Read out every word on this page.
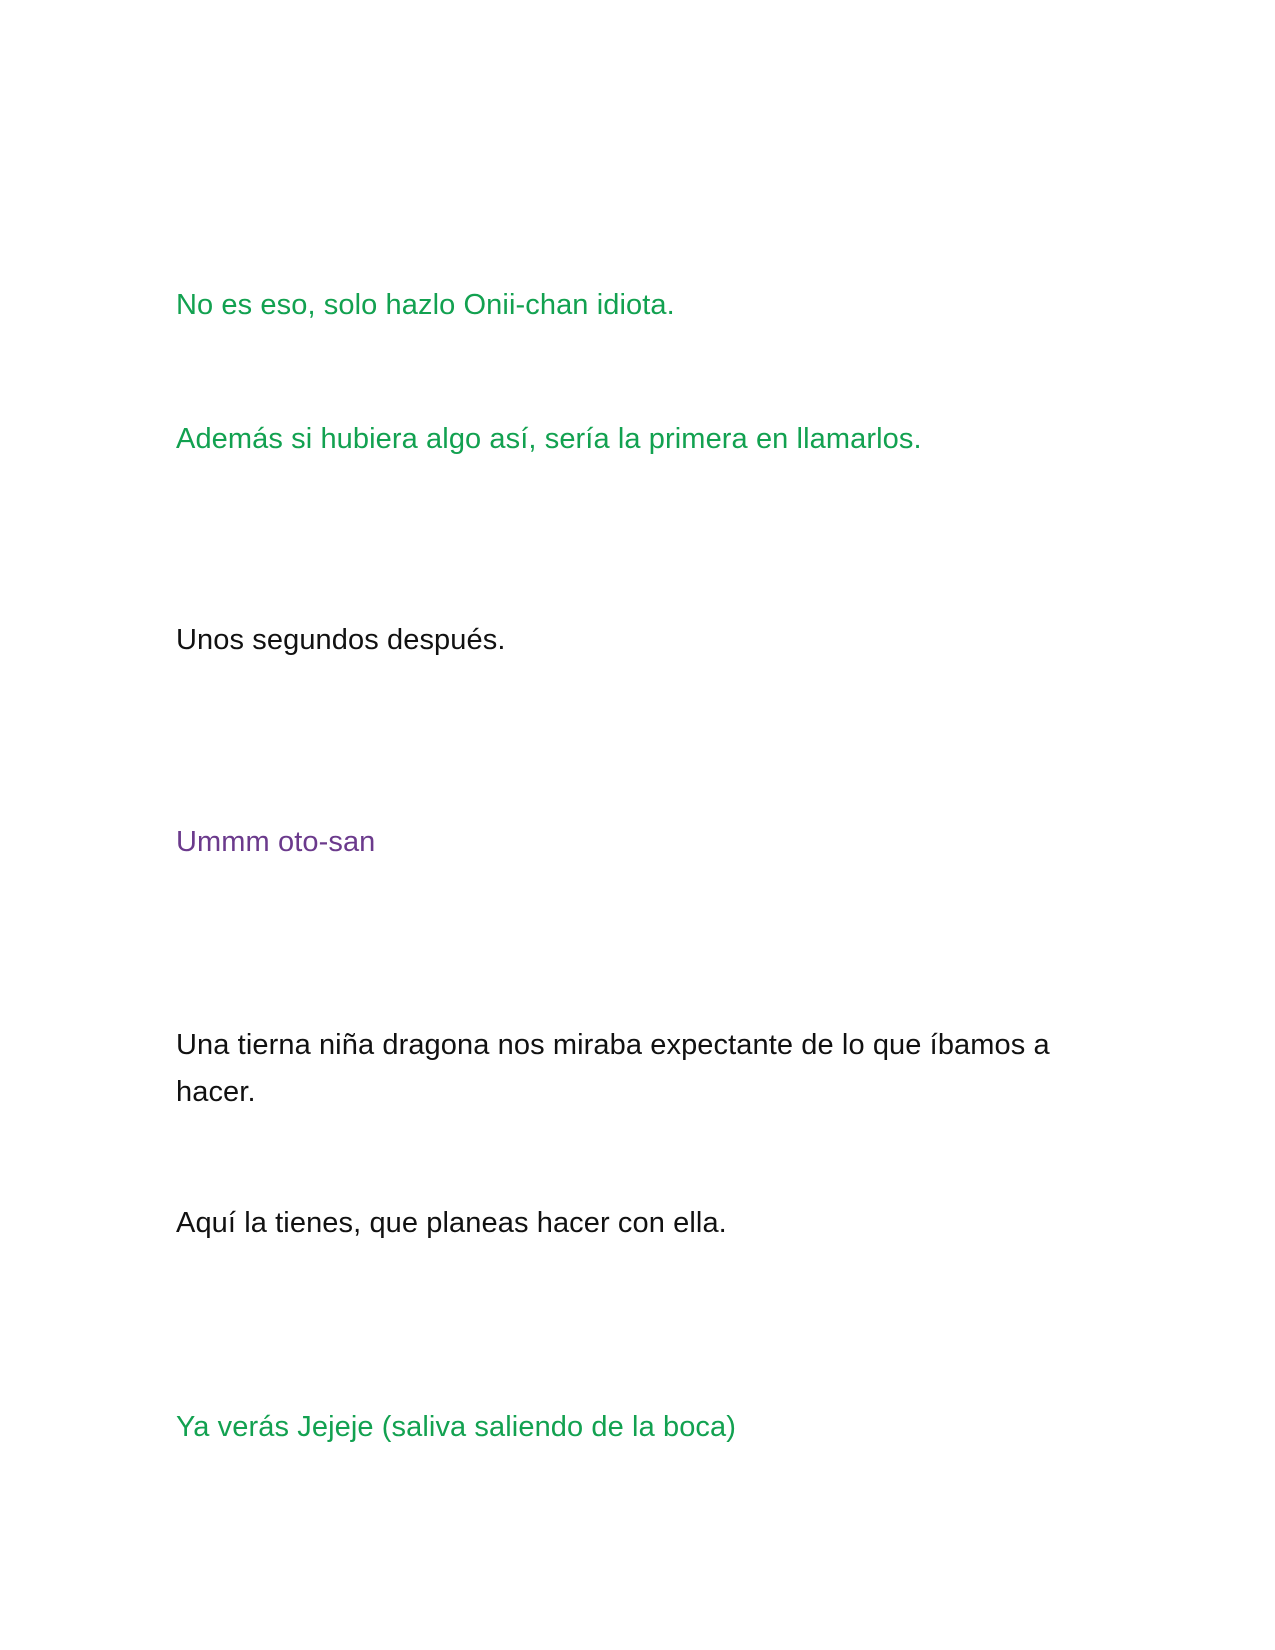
No es eso, solo hazlo Onii-chan idiota.

Además si hubiera algo así, sería la primera en llamarlos.

Unos segundos después.

Ummm oto-san

Una tierna niña dragona nos miraba expectante de lo que íbamos a hacer.

Aquí la tienes, que planeas hacer con ella.

Ya verás Jejeje (saliva saliendo de la boca)
